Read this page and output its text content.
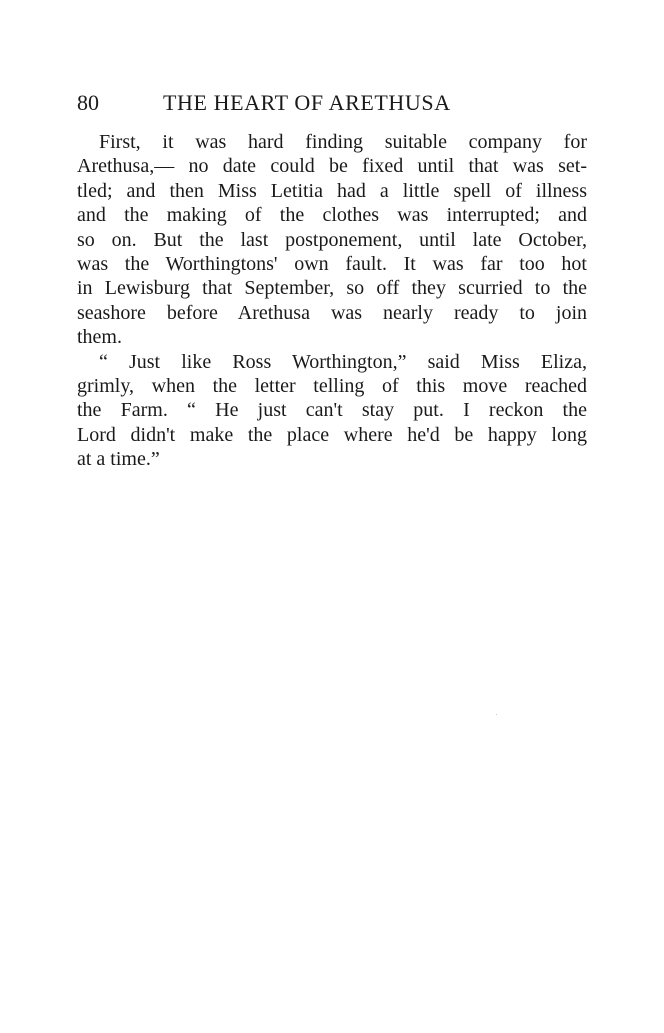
80	THE HEART OF ARETHUSA
First, it was hard finding suitable company for
Arethusa,— no date could be fixed until that was set-
tled; and then Miss Letitia had a little spell of illness
and the making of the clothes was interrupted; and
so on. But the last postponement, until late October,
was the Worthingtons' own fault. It was far too hot
in Lewisburg that September, so off they scurried to the
seashore before Arethusa was nearly ready to join
them.
“ Just like Ross Worthington,” said Miss Eliza,
grimly, when the letter telling of this move reached
the Farm. “ He just can't stay put. I reckon the
Lord didn't make the place where he'd be happy long
at a time.”
